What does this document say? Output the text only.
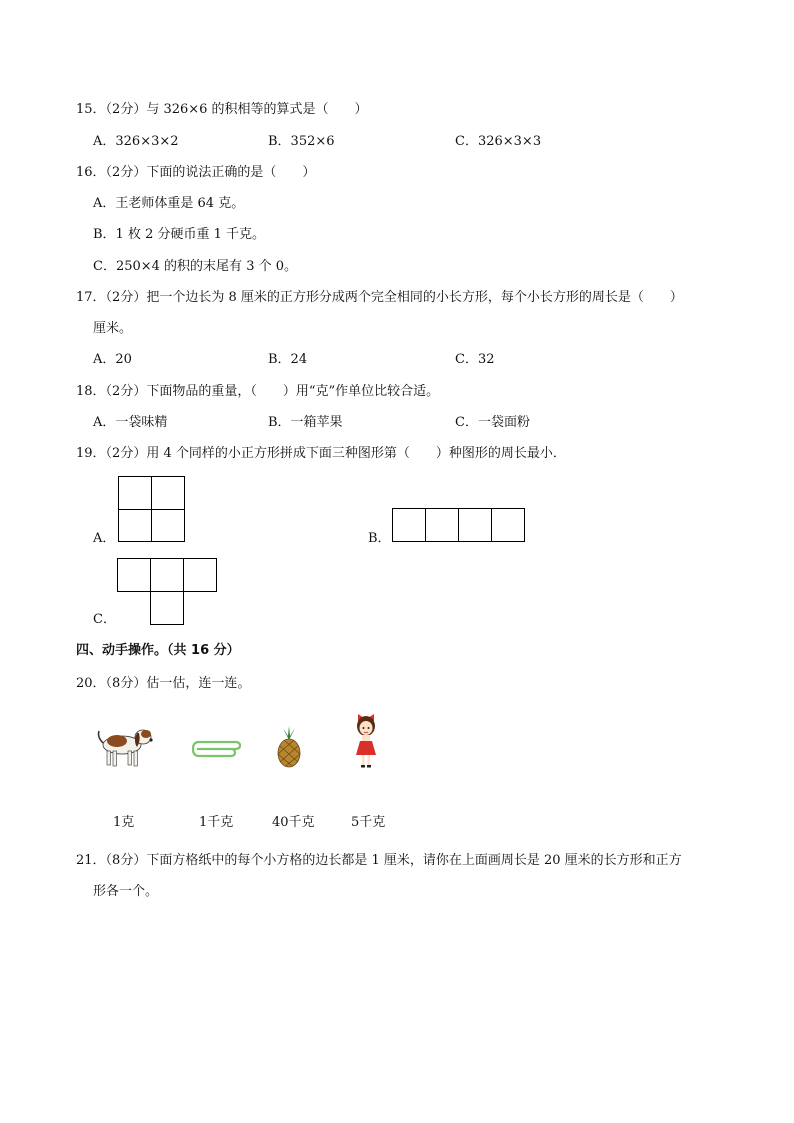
15．（2分）与 326×6 的积相等的算式是（　　）
A．326×3×2	B．352×6	C．326×3×3
16．（2分）下面的说法正确的是（　　）
A．王老师体重是 64 克。
B．1 枚 2 分硬币重 1 千克。
C．250×4 的积的末尾有 3 个 0。
17．（2分）把一个边长为 8 厘米的正方形分成两个完全相同的小长方形，每个小长方形的周长是（　　）
厘米。
A．20	B．24	C．32
18．（2分）下面物品的重量，（　　）用“克”作单位比较合适。
A．一袋味精	B．一箱苹果	C．一袋面粉
19．（2分）用 4 个同样的小正方形拼成下面三种图形第（　　）种图形的周长最小．
A．	B．
C．
四、动手操作。（共 16 分）
20．（8分）估一估，连一连。
1克	1千克	40千克	5千克
21．（8分）下面方格纸中的每个小方格的边长都是 1 厘米，请你在上面画周长是 20 厘米的长方形和正方
形各一个。
